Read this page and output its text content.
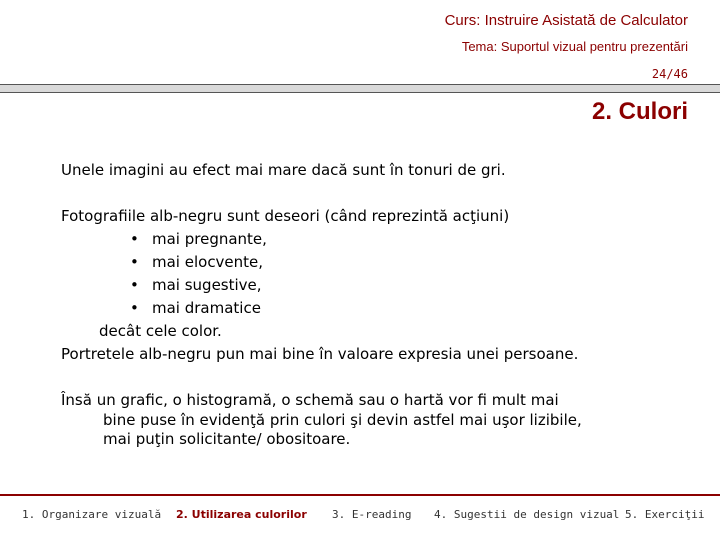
Curs: Instruire Asistată de Calculator
Tema: Suportul vizual pentru prezentări
24/46
2. Culori
Unele imagini au efect mai mare dacă sunt în tonuri de gri.
Fotografiile alb-negru sunt deseori (când reprezintă acţiuni)
• mai pregnante,
• mai elocvente,
• mai sugestive,
• mai dramatice
decât cele color.
Portretele alb-negru pun mai bine în valoare expresia unei persoane.
Însă un grafic, o histogramă, o schemă sau o hartă vor fi mult mai
bine puse în evidenţă prin culori şi devin astfel mai uşor lizibile,
mai puţin solicitante/ obositoare.
1. Organizare vizuală 2. Utilizarea culorilor 3. E-reading 4. Sugestii de design vizual 5. Exerciţii
